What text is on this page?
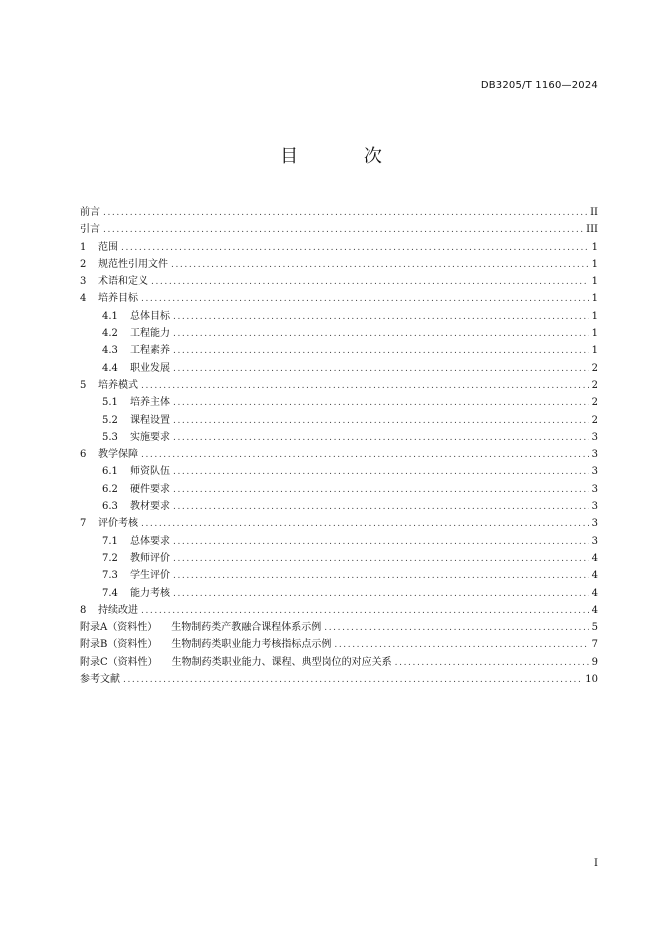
DB3205/T 1160—2024
目 次
前言 .....	II
引言 .....	III
1	范围 .....	1
2	规范性引用文件 .....	1
3	术语和定义 .....	1
4	培养目标 .....	1
4.1	总体目标 .....	1
4.2	工程能力 .....	1
4.3	工程素养 .....	1
4.4	职业发展 .....	2
5	培养模式 .....	2
5.1	培养主体 .....	2
5.2	课程设置 .....	2
5.3	实施要求 .....	3
6	教学保障 .....	3
6.1	师资队伍 .....	3
6.2	硬件要求 .....	3
6.3	教材要求 .....	3
7	评价考核 .....	3
7.1	总体要求 .....	3
7.2	教师评价 .....	4
7.3	学生评价 .....	4
7.4	能力考核 .....	4
8	持续改进 .....	4
附录A（资料性） 生物制药类产教融合课程体系示例 .....	5
附录B（资料性） 生物制药类职业能力考核指标点示例 .....	7
附录C（资料性） 生物制药类职业能力、课程、典型岗位的对应关系 .....	9
参考文献 .....	10
I
